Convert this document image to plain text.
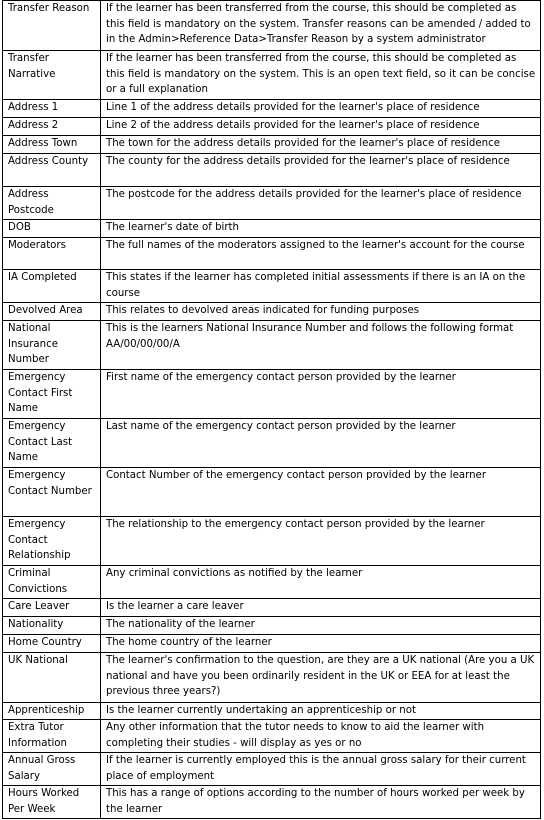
Transfer Reason	If the learner has been transferred from the course, this should be completed as this field is mandatory on the system. Transfer reasons can be amended / added to in the Admin>Reference Data>Transfer Reason by a system administrator
Transfer Narrative	If the learner has been transferred from the course, this should be completed as this field is mandatory on the system. This is an open text field, so it can be concise or a full explanation
Address 1	Line 1 of the address details provided for the learner's place of residence
Address 2	Line 2 of the address details provided for the learner's place of residence
Address Town	The town for the address details provided for the learner's place of residence
Address County	The county for the address details provided for the learner's place of residence
Address Postcode	The postcode for the address details provided for the learner's place of residence
DOB	The learner's date of birth
Moderators	The full names of the moderators assigned to the learner's account for the course
IA Completed	This states if the learner has completed initial assessments if there is an IA on the course
Devolved Area	This relates to devolved areas indicated for funding purposes
National Insurance Number	This is the learners National Insurance Number and follows the following format AA/00/00/00/A
Emergency Contact First Name	First name of the emergency contact person provided by the learner
Emergency Contact Last Name	Last name of the emergency contact person provided by the learner
Emergency Contact Number	Contact Number of the emergency contact person provided by the learner
Emergency Contact Relationship	The relationship to the emergency contact person provided by the learner
Criminal Convictions	Any criminal convictions as notified by the learner
Care Leaver	Is the learner a care leaver
Nationality	The nationality of the learner
Home Country	The home country of the learner
UK National	The learner's confirmation to the question, are they are a UK national (Are you a UK national and have you been ordinarily resident in the UK or EEA for at least the previous three years?)
Apprenticeship	Is the learner currently undertaking an apprenticeship or not
Extra Tutor Information	Any other information that the tutor needs to know to aid the learner with completing their studies - will display as yes or no
Annual Gross Salary	If the learner is currently employed this is the annual gross salary for their current place of employment
Hours Worked Per Week	This has a range of options according to the number of hours worked per week by the learner
